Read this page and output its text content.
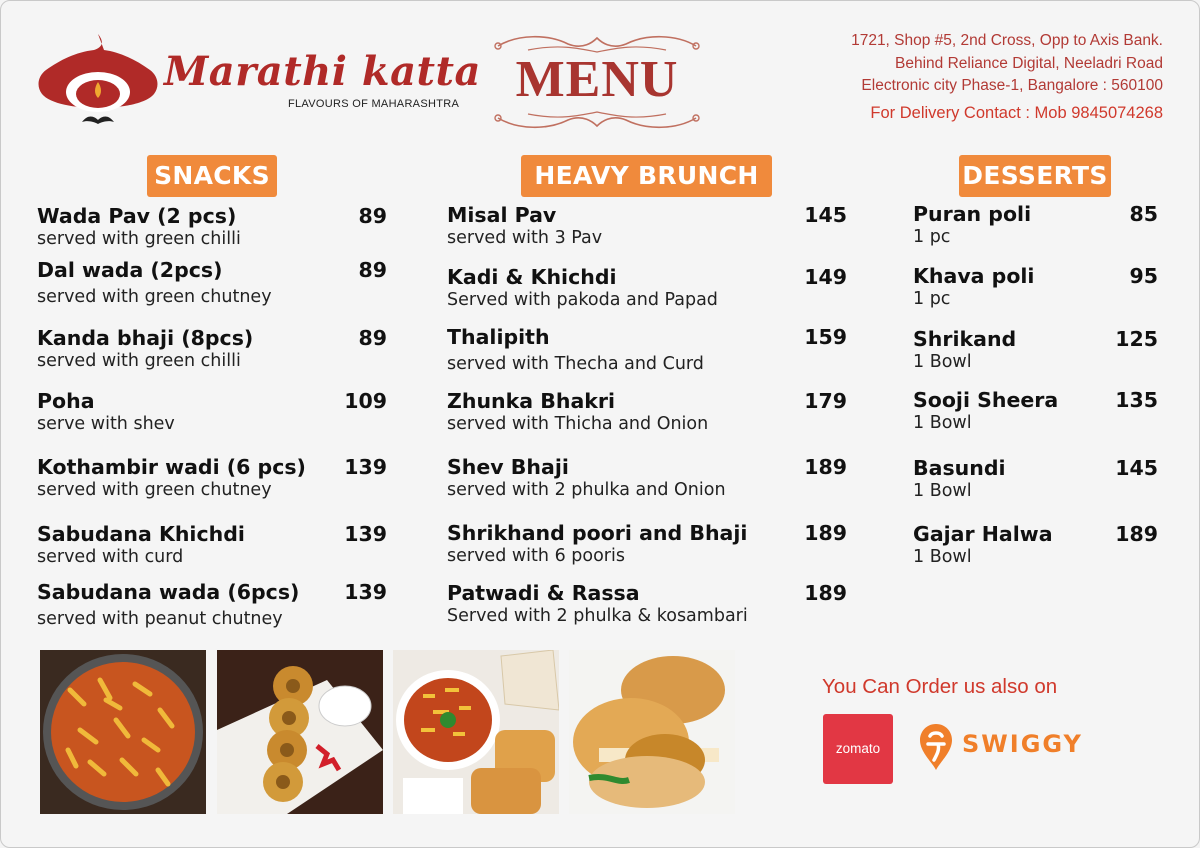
Marathi katta
FLAVOURS OF MAHARASHTRA	MENU
1721, Shop #5, 2nd Cross, Opp to Axis Bank.
Behind Reliance Digital, Neeladri Road
Electronic city Phase-1, Bangalore : 560100
For Delivery Contact : Mob 9845074268
SNACKS	HEAVY BRUNCH	DESSERTS
Wada Pav (2 pcs)
served with green chilli
89
Dal wada (2pcs)
served with green chutney
89
Kanda bhaji (8pcs)
served with green chilli
89
Poha
serve with shev
109
Kothambir wadi (6 pcs)
served with green chutney
139
Sabudana Khichdi
served with curd
139
Sabudana wada (6pcs)
served with peanut chutney
139
Misal Pav
served with 3 Pav
145
Kadi & Khichdi
Served with pakoda and Papad
149
Thalipith
served with Thecha and Curd
159
Zhunka Bhakri
served with Thicha and Onion
179
Shev Bhaji
served with 2 phulka and Onion
189
Shrikhand poori and Bhaji
served with 6 pooris
189
Patwadi & Rassa
Served with 2 phulka & kosambari
189
Puran poli
1 pc
85
Khava poli
1 pc
95
Shrikand
1 Bowl
125
Sooji Sheera
1 Bowl
135
Basundi
1 Bowl
145
Gajar Halwa
1 Bowl
189
You Can Order us also on
zomato	SWIGGY
